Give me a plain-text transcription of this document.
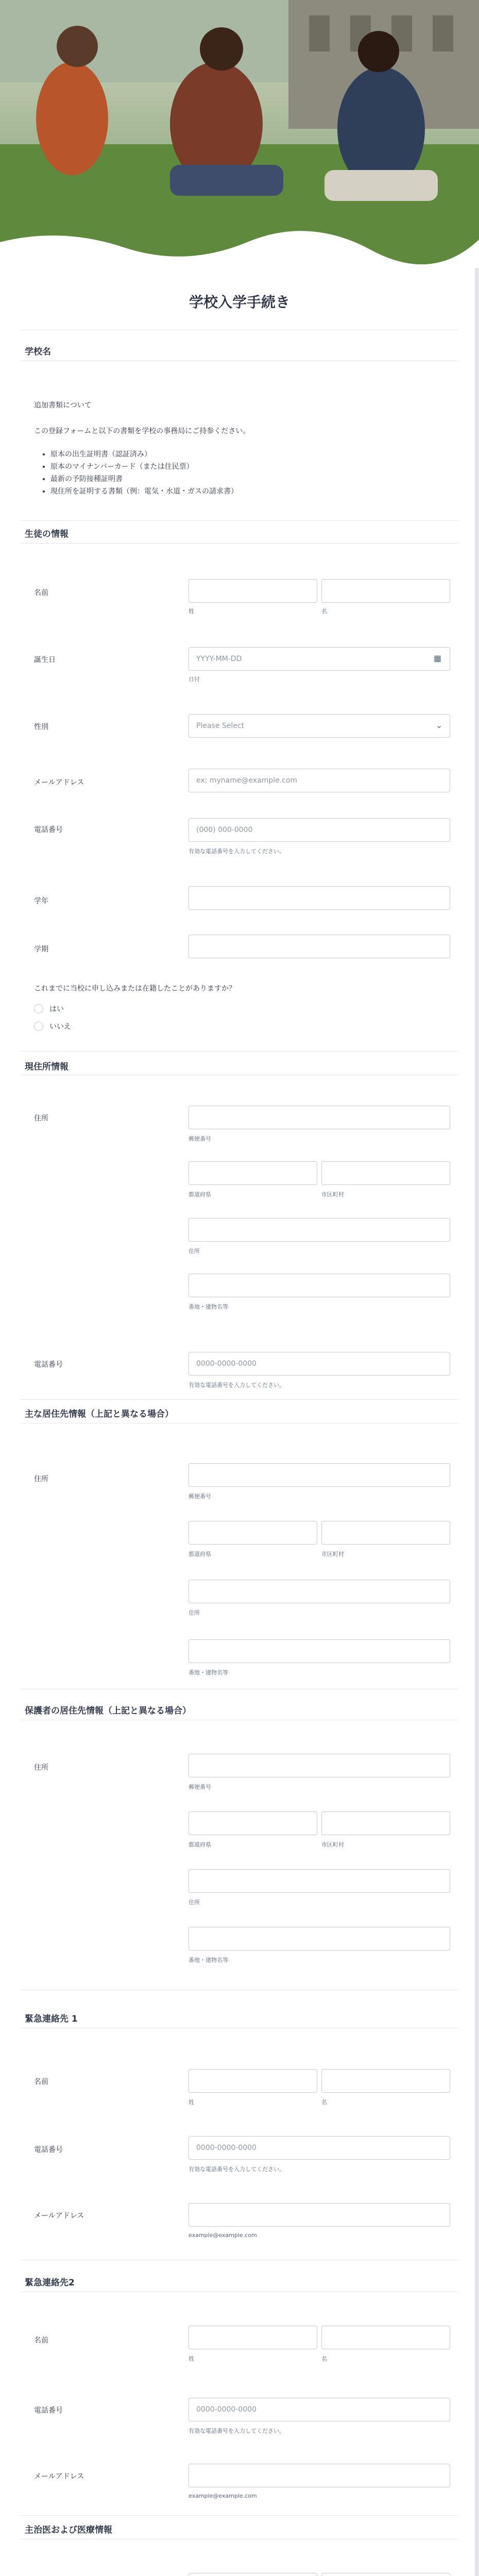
学校入学手続き
学校名
追加書類について
この登録フォームと以下の書類を学校の事務局にご持参ください。
• 原本の出生証明書（認証済み）
• 原本のマイナンバーカード（または住民票）
• 最新の予防接種証明書
• 現住所を証明する書類（例：電気・水道・ガスの請求書）
生徒の情報
名前
姓	名
誕生日	YYYY-MM-DD	▦
日付
性別	Please Select	⌄
メールアドレス	ex: myname@example.com
電話番号	(000) 000-0000
有効な電話番号を入力してください。
学年
学期
これまでに当校に申し込みまたは在籍したことがありますか？
はい
いいえ
現住所情報
住所
郵便番号
都道府県	市区町村
住所
番地・建物名等
電話番号	0000-0000-0000
有効な電話番号を入力してください。
主な居住先情報（上記と異なる場合）
住所
郵便番号
都道府県	市区町村
住所
番地・建物名等
保護者の居住先情報（上記と異なる場合）
住所
郵便番号
都道府県	市区町村
住所
番地・建物名等
緊急連絡先 1
名前
姓	名
電話番号	0000-0000-0000
有効な電話番号を入力してください。
メールアドレス
example@example.com
緊急連絡先2
名前
姓	名
電話番号	0000-0000-0000
有効な電話番号を入力してください。
メールアドレス
example@example.com
主治医および医療情報
